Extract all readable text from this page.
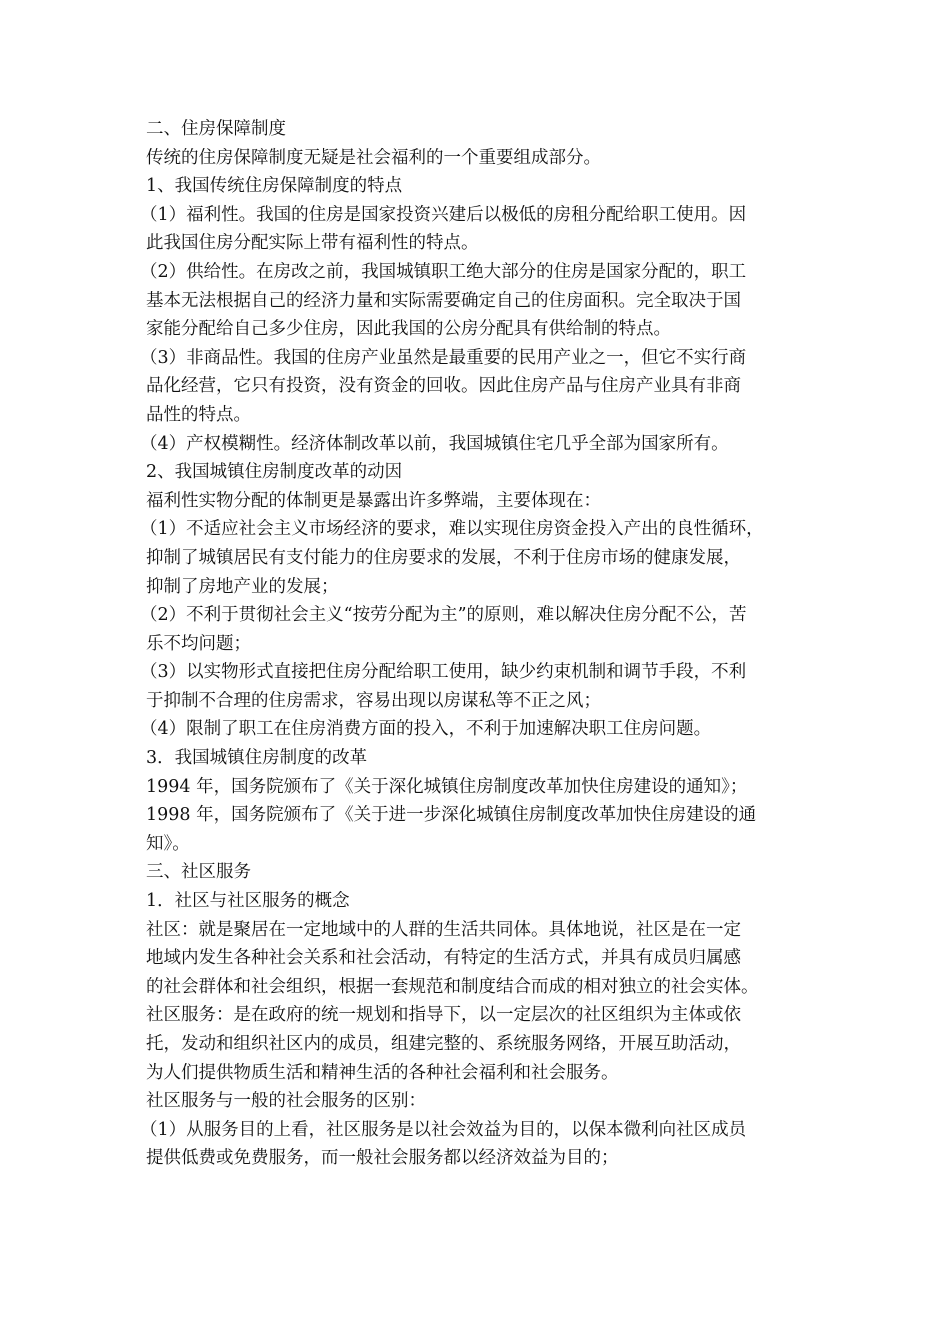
二、住房保障制度
传统的住房保障制度无疑是社会福利的一个重要组成部分。
1、我国传统住房保障制度的特点
（1）福利性。我国的住房是国家投资兴建后以极低的房租分配给职工使用。因
此我国住房分配实际上带有福利性的特点。
（2）供给性。在房改之前，我国城镇职工绝大部分的住房是国家分配的，职工
基本无法根据自己的经济力量和实际需要确定自己的住房面积。完全取决于国
家能分配给自己多少住房，因此我国的公房分配具有供给制的特点。
（3）非商品性。我国的住房产业虽然是最重要的民用产业之一，但它不实行商
品化经营，它只有投资，没有资金的回收。因此住房产品与住房产业具有非商
品性的特点。
（4）产权模糊性。经济体制改革以前，我国城镇住宅几乎全部为国家所有。
2、我国城镇住房制度改革的动因
福利性实物分配的体制更是暴露出许多弊端，主要体现在：
（1）不适应社会主义市场经济的要求，难以实现住房资金投入产出的良性循环，
抑制了城镇居民有支付能力的住房要求的发展，不利于住房市场的健康发展，
抑制了房地产业的发展；
（2）不利于贯彻社会主义“按劳分配为主”的原则，难以解决住房分配不公，苦
乐不均问题；
（3）以实物形式直接把住房分配给职工使用，缺少约束机制和调节手段，不利
于抑制不合理的住房需求，容易出现以房谋私等不正之风；
（4）限制了职工在住房消费方面的投入，不利于加速解决职工住房问题。
3．我国城镇住房制度的改革
1994 年，国务院颁布了《关于深化城镇住房制度改革加快住房建设的通知》；
1998 年，国务院颁布了《关于进一步深化城镇住房制度改革加快住房建设的通
知》。
三、社区服务
1．社区与社区服务的概念
社区：就是聚居在一定地域中的人群的生活共同体。具体地说，社区是在一定
地域内发生各种社会关系和社会活动，有特定的生活方式，并具有成员归属感
的社会群体和社会组织，根据一套规范和制度结合而成的相对独立的社会实体。
社区服务：是在政府的统一规划和指导下，以一定层次的社区组织为主体或依
托，发动和组织社区内的成员，组建完整的、系统服务网络，开展互助活动，
为人们提供物质生活和精神生活的各种社会福利和社会服务。
社区服务与一般的社会服务的区别：
（1）从服务目的上看，社区服务是以社会效益为目的，以保本微利向社区成员
提供低费或免费服务，而一般社会服务都以经济效益为目的；
